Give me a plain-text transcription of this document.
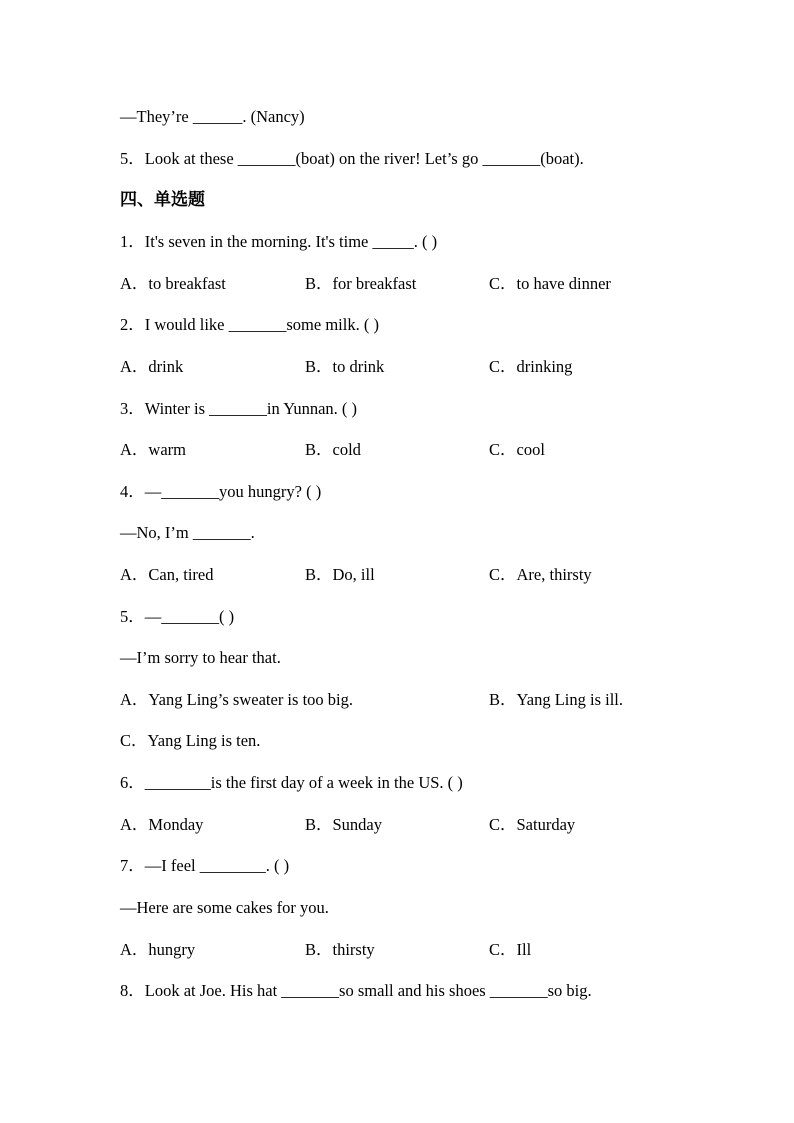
—They’re ______. (Nancy)
5．Look at these _______(boat) on the river! Let’s go _______(boat).
四、单选题
1．It's seven in the morning. It's time _____. ( )
A．to breakfast	B．for breakfast	C．to have dinner
2．I would like _______some milk. ( )
A．drink	B．to drink	C．drinking
3．Winter is _______in Yunnan. ( )
A．warm	B．cold	C．cool
4．—_______you hungry? ( )
—No, I’m _______.
A．Can, tired	B．Do, ill	C．Are, thirsty
5．—_______( )
—I’m sorry to hear that.
A．Yang Ling’s sweater is too big.	B．Yang Ling is ill.
C．Yang Ling is ten.
6．________is the first day of a week in the US. ( )
A．Monday	B．Sunday	C．Saturday
7．—I feel ________. ( )
—Here are some cakes for you.
A．hungry	B．thirsty	C．Ill
8．Look at Joe. His hat _______so small and his shoes _______so big.
